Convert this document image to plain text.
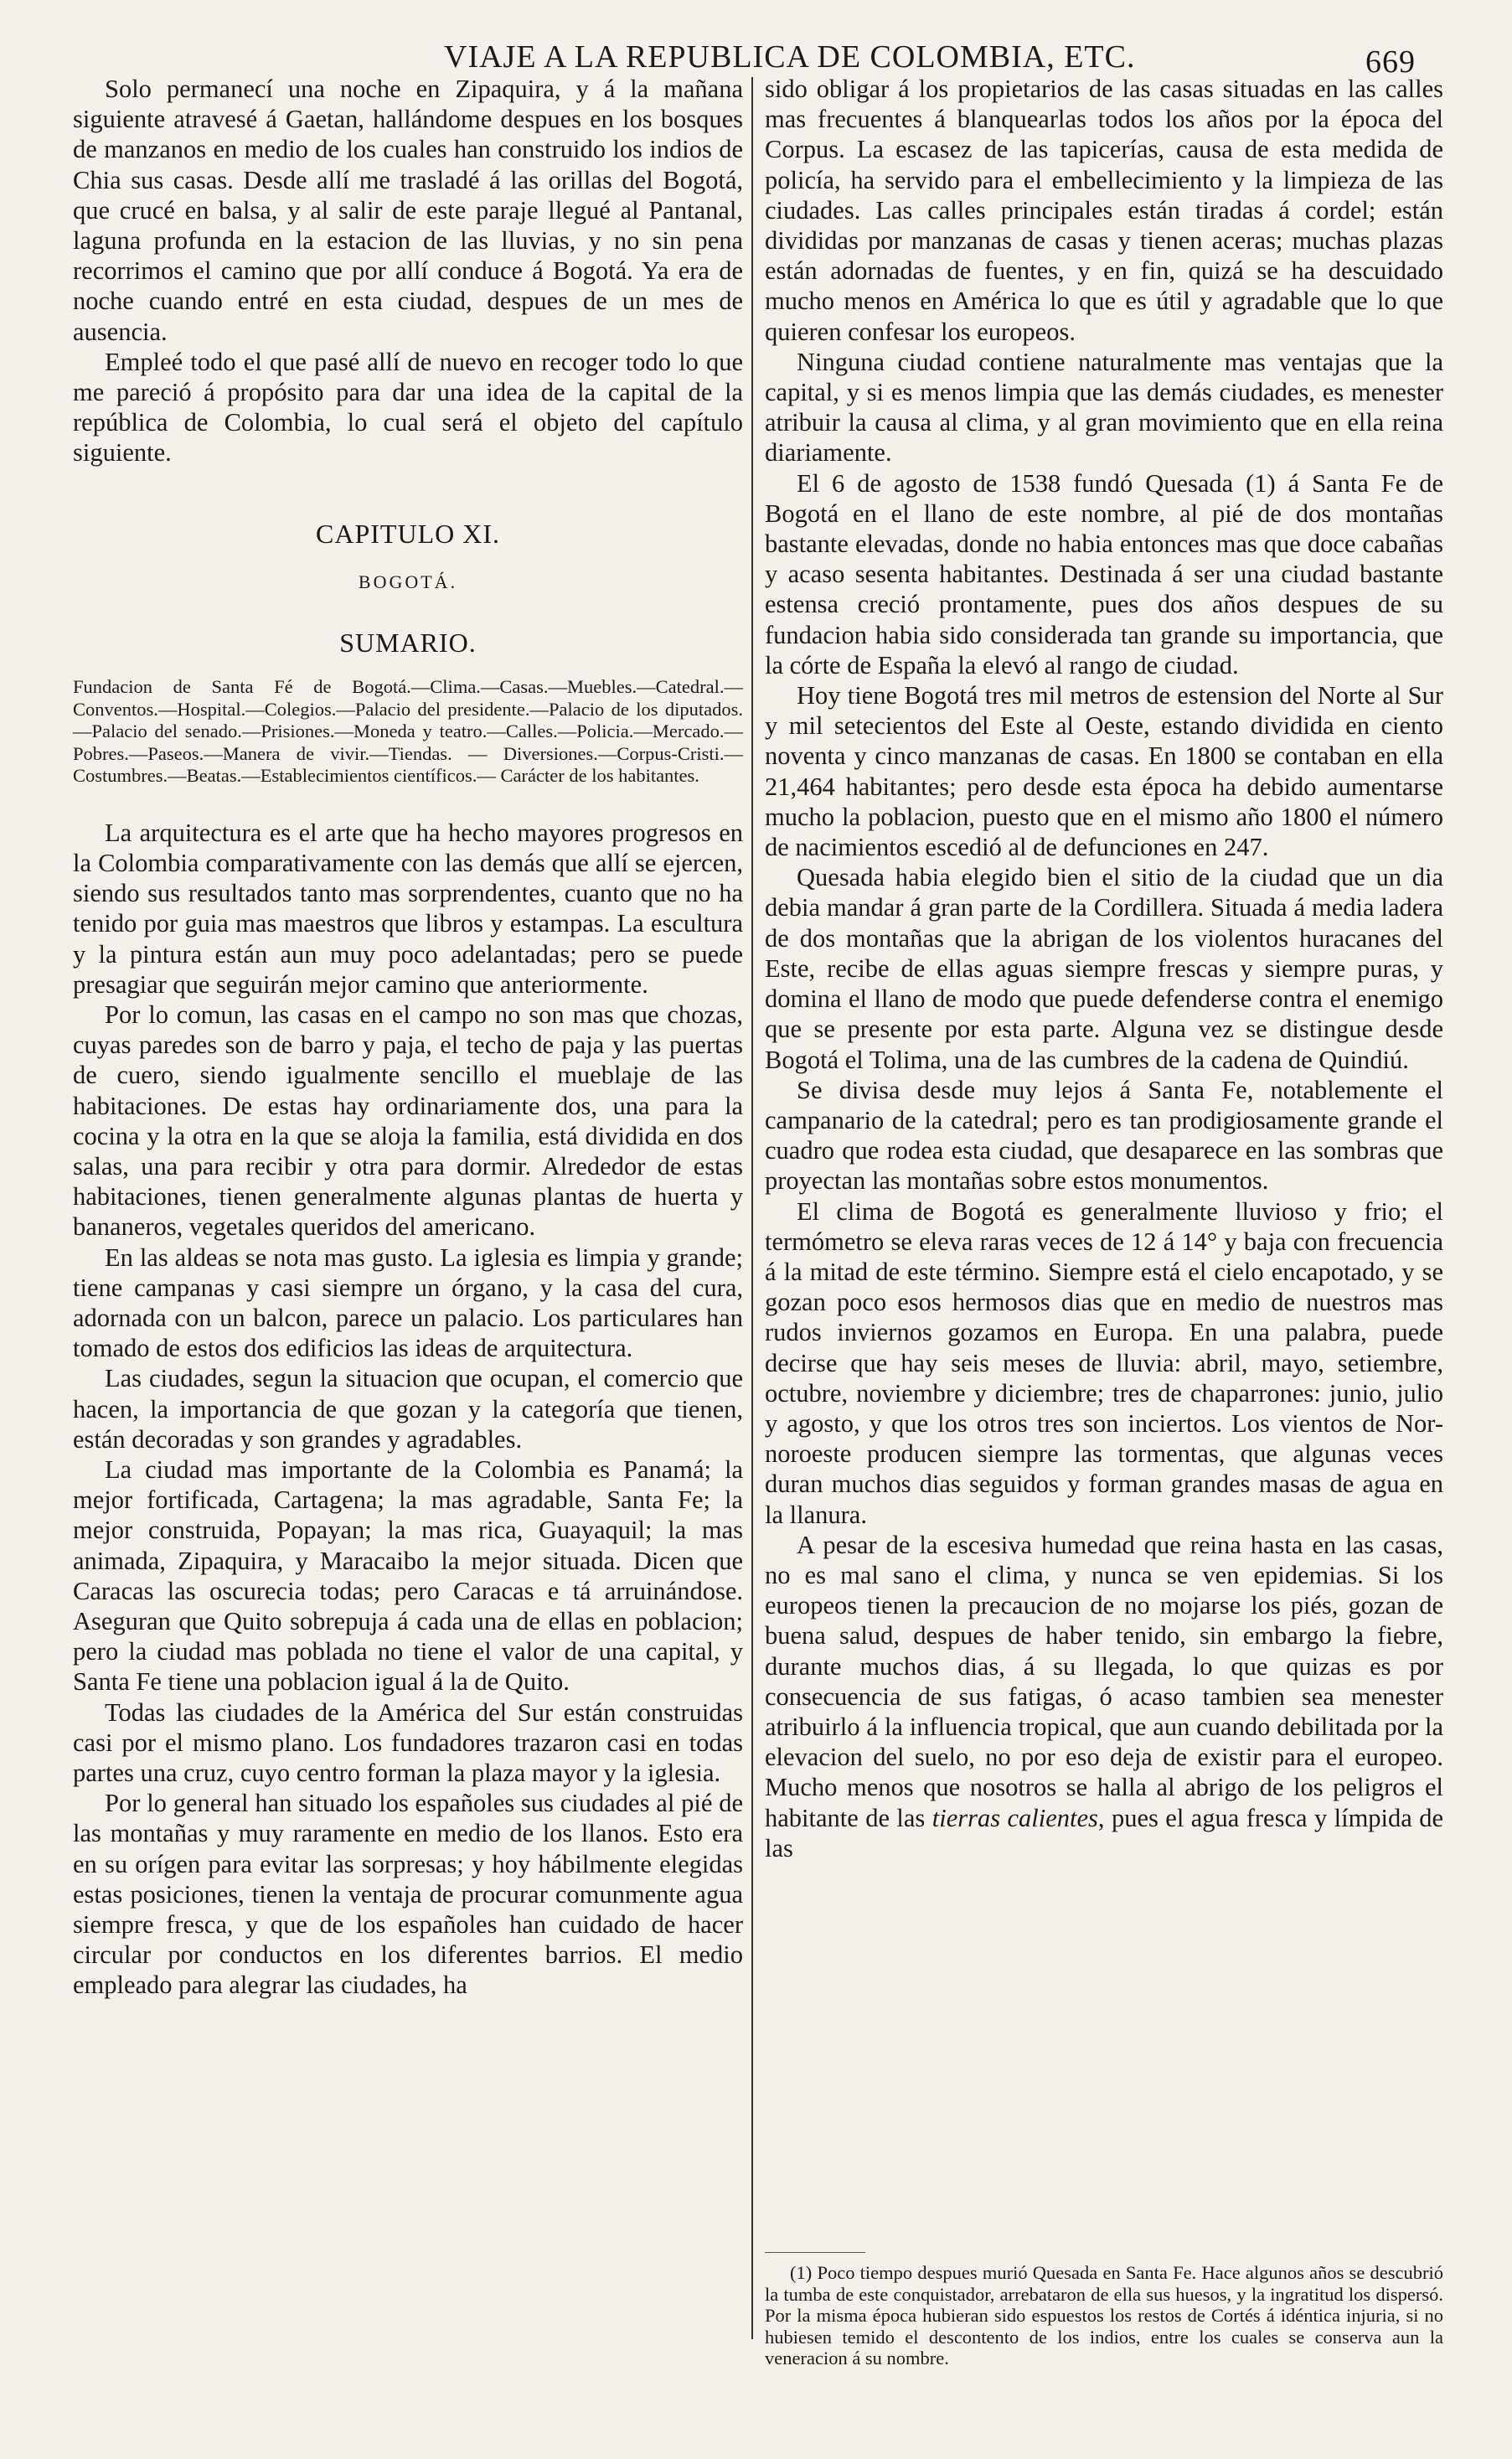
VIAJE A LA REPUBLICA DE COLOMBIA, ETC.	669

Solo permanecí una noche en Zipaquira, y á la mañana siguiente atravesé á Gaetan, hallándome despues en los bosques de manzanos en medio de los cuales han construido los indios de Chia sus casas. Desde allí me trasladé á las orillas del Bogotá, que crucé en balsa, y al salir de este paraje llegué al Pantanal, laguna profunda en la estacion de las lluvias, y no sin pena recorrimos el camino que por allí conduce á Bogotá. Ya era de noche cuando entré en esta ciudad, despues de un mes de ausencia.

Empleé todo el que pasé allí de nuevo en recoger todo lo que me pareció á propósito para dar una idea de la capital de la república de Colombia, lo cual será el objeto del capítulo siguiente.

CAPITULO XI.
BOGOTÁ.
SUMARIO.

Fundacion de Santa Fé de Bogotá.—Clima.—Casas.—Muebles.—Catedral.—Conventos.—Hospital.—Colegios.—Palacio del presidente.—Palacio de los diputados.—Palacio del senado.—Prisiones.—Moneda y teatro.—Calles.—Policia.—Mercado.— Pobres.—Paseos.—Manera de vivir.—Tiendas. — Diversiones.—Corpus-Cristi.—Costumbres.—Beatas.—Establecimientos científicos.— Carácter de los habitantes.

La arquitectura es el arte que ha hecho mayores progresos en la Colombia comparativamente con las demás que allí se ejercen, siendo sus resultados tanto mas sorprendentes, cuanto que no ha tenido por guia mas maestros que libros y estampas. La escultura y la pintura están aun muy poco adelantadas; pero se puede presagiar que seguirán mejor camino que anteriormente.

Por lo comun, las casas en el campo no son mas que chozas, cuyas paredes son de barro y paja, el techo de paja y las puertas de cuero, siendo igualmente sencillo el mueblaje de las habitaciones. De estas hay ordinariamente dos, una para la cocina y la otra en la que se aloja la familia, está dividida en dos salas, una para recibir y otra para dormir. Alrededor de estas habitaciones, tienen generalmente algunas plantas de huerta y bananeros, vegetales queridos del americano.

En las aldeas se nota mas gusto. La iglesia es limpia y grande; tiene campanas y casi siempre un órgano, y la casa del cura, adornada con un balcon, parece un palacio. Los particulares han tomado de estos dos edificios las ideas de arquitectura.

Las ciudades, segun la situacion que ocupan, el comercio que hacen, la importancia de que gozan y la categoría que tienen, están decoradas y son grandes y agradables.

La ciudad mas importante de la Colombia es Panamá; la mejor fortificada, Cartagena; la mas agradable, Santa Fe; la mejor construida, Popayan; la mas rica, Guayaquil; la mas animada, Zipaquira, y Maracaibo la mejor situada. Dicen que Caracas las oscurecia todas; pero Caracas e tá arruinándose. Aseguran que Quito sobrepuja á cada una de ellas en poblacion; pero la ciudad mas poblada no tiene el valor de una capital, y Santa Fe tiene una poblacion igual á la de Quito.

Todas las ciudades de la América del Sur están construidas casi por el mismo plano. Los fundadores trazaron casi en todas partes una cruz, cuyo centro forman la plaza mayor y la iglesia.

Por lo general han situado los españoles sus ciudades al pié de las montañas y muy raramente en medio de los llanos. Esto era en su orígen para evitar las sorpresas; y hoy hábilmente elegidas estas posiciones, tienen la ventaja de procurar comunmente agua siempre fresca, y que de los españoles han cuidado de hacer circular por conductos en los diferentes barrios. El medio empleado para alegrar las ciudades, ha

sido obligar á los propietarios de las casas situadas en las calles mas frecuentes á blanquearlas todos los años por la época del Corpus. La escasez de las tapicerías, causa de esta medida de policía, ha servido para el embellecimiento y la limpieza de las ciudades. Las calles principales están tiradas á cordel; están divididas por manzanas de casas y tienen aceras; muchas plazas están adornadas de fuentes, y en fin, quizá se ha descuidado mucho menos en América lo que es útil y agradable que lo que quieren confesar los europeos.

Ninguna ciudad contiene naturalmente mas ventajas que la capital, y si es menos limpia que las demás ciudades, es menester atribuir la causa al clima, y al gran movimiento que en ella reina diariamente.

El 6 de agosto de 1538 fundó Quesada (1) á Santa Fe de Bogotá en el llano de este nombre, al pié de dos montañas bastante elevadas, donde no habia entonces mas que doce cabañas y acaso sesenta habitantes. Destinada á ser una ciudad bastante estensa creció prontamente, pues dos años despues de su fundacion habia sido considerada tan grande su importancia, que la córte de España la elevó al rango de ciudad.

Hoy tiene Bogotá tres mil metros de estension del Norte al Sur y mil setecientos del Este al Oeste, estando dividida en ciento noventa y cinco manzanas de casas. En 1800 se contaban en ella 21,464 habitantes; pero desde esta época ha debido aumentarse mucho la poblacion, puesto que en el mismo año 1800 el número de nacimientos escedió al de defunciones en 247.

Quesada habia elegido bien el sitio de la ciudad que un dia debia mandar á gran parte de la Cordillera. Situada á media ladera de dos montañas que la abrigan de los violentos huracanes del Este, recibe de ellas aguas siempre frescas y siempre puras, y domina el llano de modo que puede defenderse contra el enemigo que se presente por esta parte. Alguna vez se distingue desde Bogotá el Tolima, una de las cumbres de la cadena de Quindiú.

Se divisa desde muy lejos á Santa Fe, notablemente el campanario de la catedral; pero es tan prodigiosamente grande el cuadro que rodea esta ciudad, que desaparece en las sombras que proyectan las montañas sobre estos monumentos.

El clima de Bogotá es generalmente lluvioso y frio; el termómetro se eleva raras veces de 12 á 14° y baja con frecuencia á la mitad de este término. Siempre está el cielo encapotado, y se gozan poco esos hermosos dias que en medio de nuestros mas rudos inviernos gozamos en Europa. En una palabra, puede decirse que hay seis meses de lluvia: abril, mayo, setiembre, octubre, noviembre y diciembre; tres de chaparrones: junio, julio y agosto, y que los otros tres son inciertos. Los vientos de Nor-noroeste producen siempre las tormentas, que algunas veces duran muchos dias seguidos y forman grandes masas de agua en la llanura.

A pesar de la escesiva humedad que reina hasta en las casas, no es mal sano el clima, y nunca se ven epidemias. Si los europeos tienen la precaucion de no mojarse los piés, gozan de buena salud, despues de haber tenido, sin embargo la fiebre, durante muchos dias, á su llegada, lo que quizas es por consecuencia de sus fatigas, ó acaso tambien sea menester atribuirlo á la influencia tropical, que aun cuando debilitada por la elevacion del suelo, no por eso deja de existir para el europeo. Mucho menos que nosotros se halla al abrigo de los peligros el habitante de las tierras calientes, pues el agua fresca y límpida de las

(1) Poco tiempo despues murió Quesada en Santa Fe. Hace algunos años se descubrió la tumba de este conquistador, arrebataron de ella sus huesos, y la ingratitud los dispersó. Por la misma época hubieran sido espuestos los restos de Cortés á idéntica injuria, si no hubiesen temido el descontento de los indios, entre los cuales se conserva aun la veneracion á su nombre.
